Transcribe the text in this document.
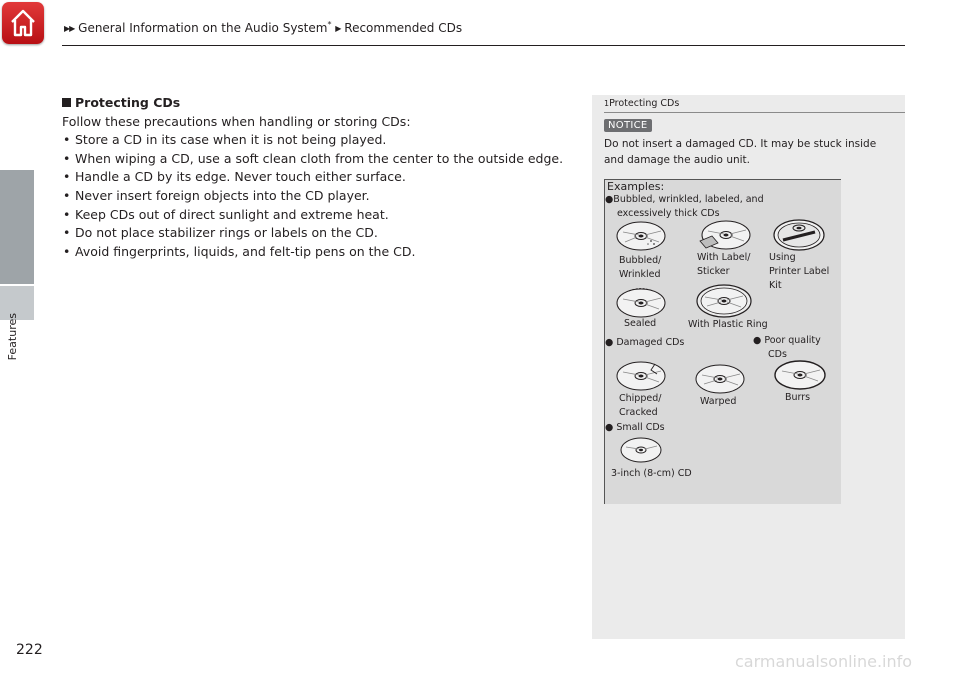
▶▶ General Information on the Audio System* ▶ Recommended CDs
Features
222
Protecting CDs

Follow these precautions when handling or storing CDs:

• Store a CD in its case when it is not being played.
• When wiping a CD, use a soft clean cloth from the center to the outside edge.
• Handle a CD by its edge. Never touch either surface.
• Never insert foreign objects into the CD player.
• Keep CDs out of direct sunlight and extreme heat.
• Do not place stabilizer rings or labels on the CD.
• Avoid fingerprints, liquids, and felt-tip pens on the CD.
1Protecting CDs
NOTICE
Do not insert a damaged CD. It may be stuck inside and damage the audio unit.
Examples:
●Bubbled, wrinkled, labeled, and
excessively thick CDs
Bubbled/
Wrinkled
With Label/
Sticker
Using
Printer Label
Kit
Sealed	With Plastic Ring
● Damaged CDs	● Poor quality
CDs
Chipped/
Cracked
Warped	Burrs
● Small CDs
3-inch (8-cm) CD
carmanualsonline.info
